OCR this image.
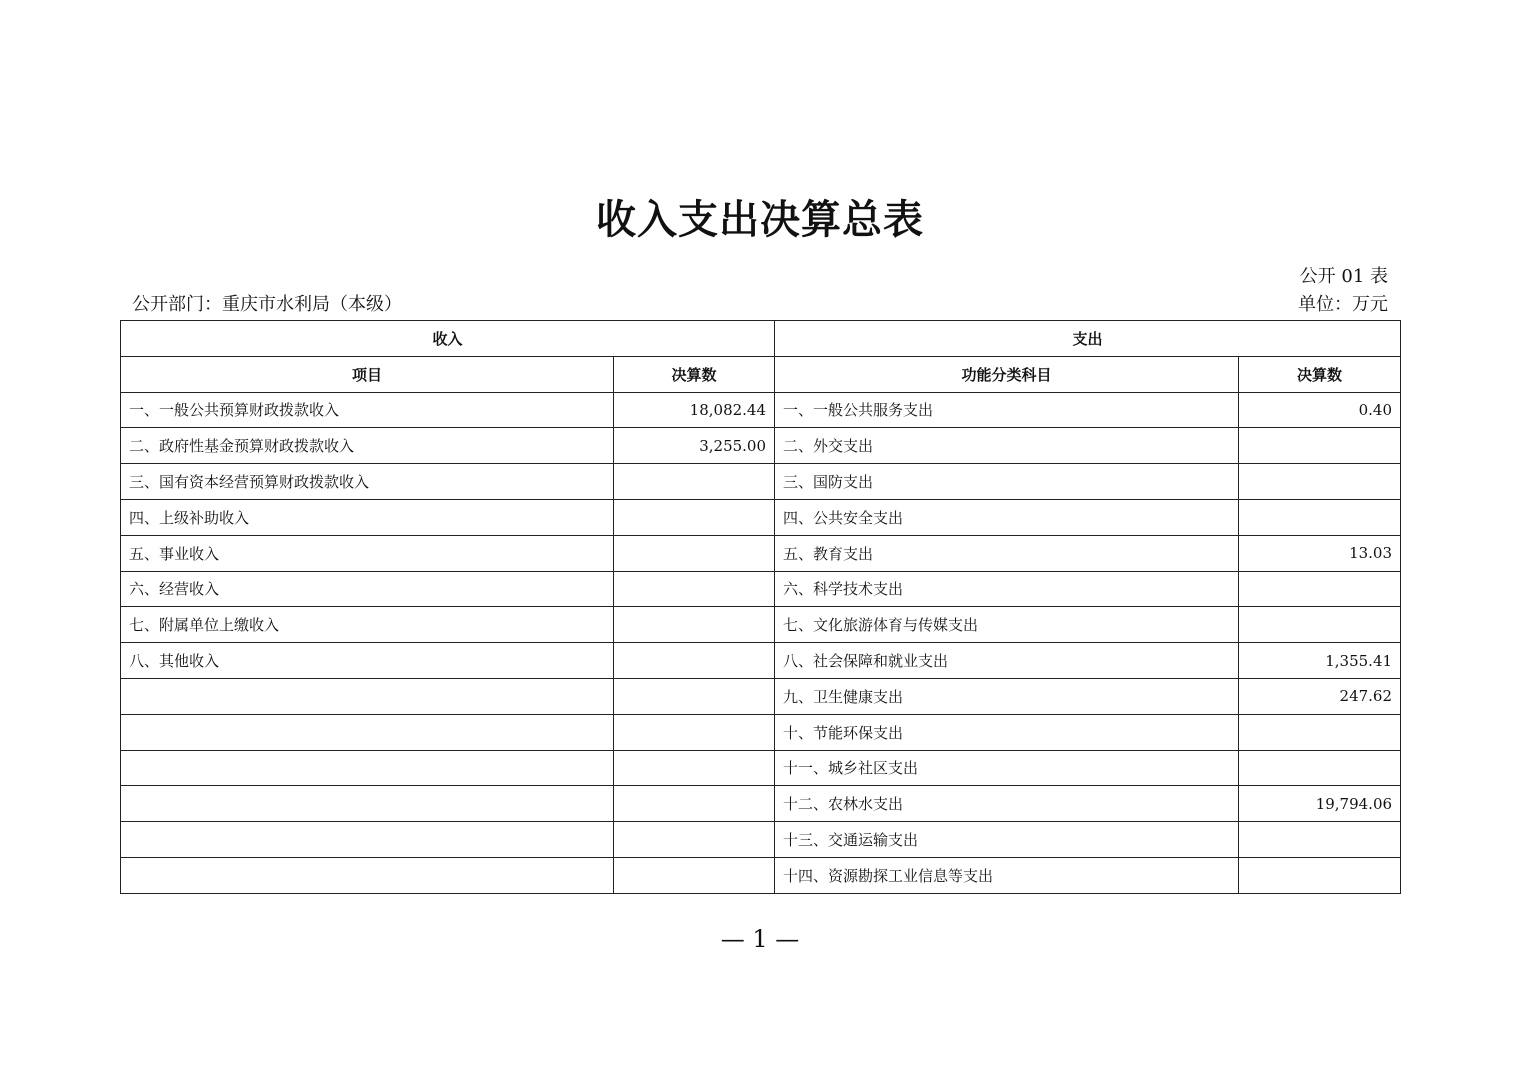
收入支出决算总表
公开 01 表
公开部门：重庆市水利局（本级）	单位：万元
收入		支出	
项目	决算数	功能分类科目	决算数
一、一般公共预算财政拨款收入	18,082.44	一、一般公共服务支出	0.40
二、政府性基金预算财政拨款收入	3,255.00	二、外交支出	
三、国有资本经营预算财政拨款收入		三、国防支出	
四、上级补助收入		四、公共安全支出	
五、事业收入		五、教育支出	13.03
六、经营收入		六、科学技术支出	
七、附属单位上缴收入		七、文化旅游体育与传媒支出	
八、其他收入		八、社会保障和就业支出	1,355.41
		九、卫生健康支出	247.62
		十、节能环保支出	
		十一、城乡社区支出	
		十二、农林水支出	19,794.06
		十三、交通运输支出	
		十四、资源勘探工业信息等支出	
— 1 —
